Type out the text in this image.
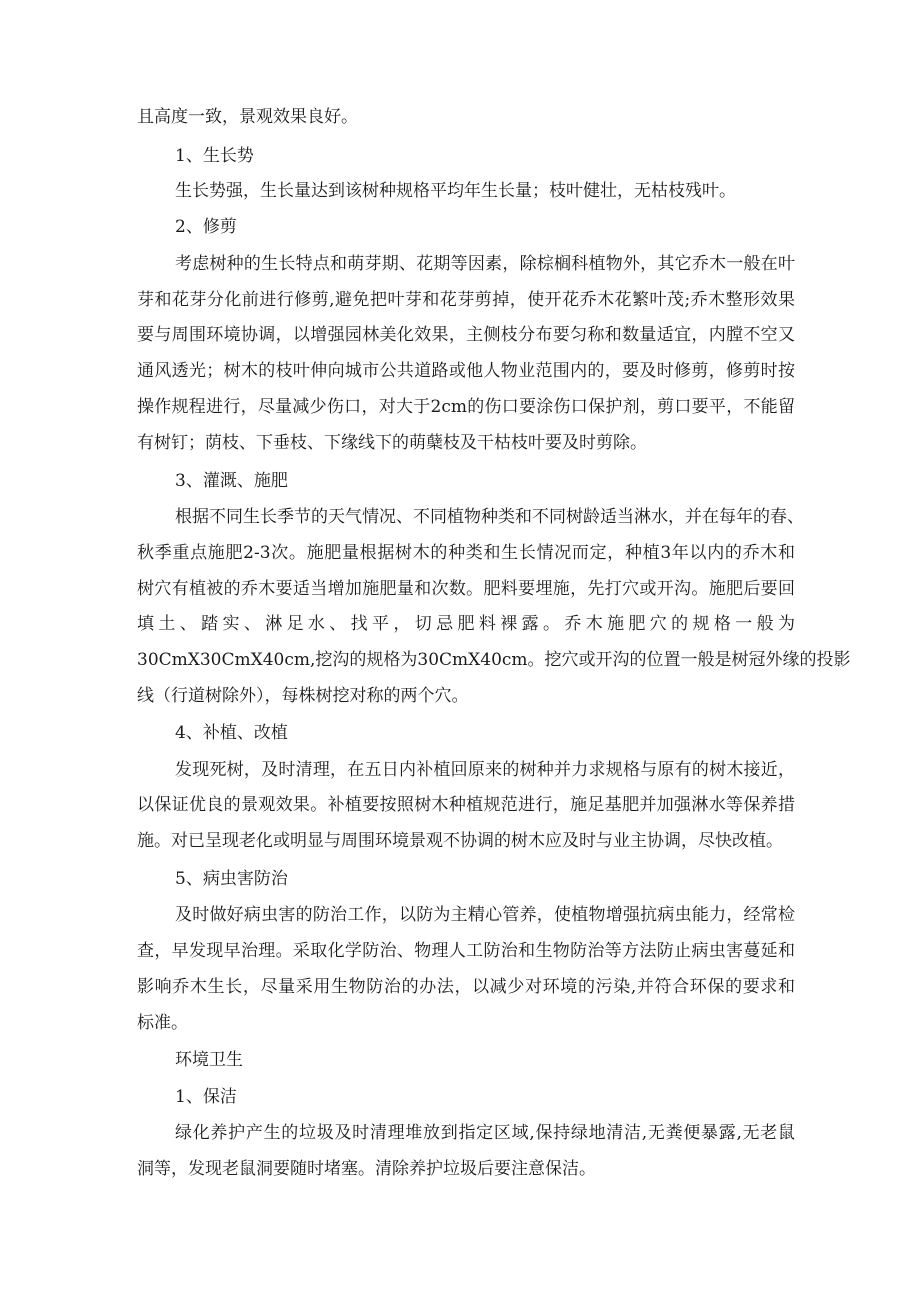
且高度一致，景观效果良好。
1、生长势
生长势强，生长量达到该树种规格平均年生长量；枝叶健壮，无枯枝残叶。
2、修剪
考虑树种的生长特点和萌芽期、花期等因素，除棕榈科植物外，其它乔木一般在叶
芽和花芽分化前进行修剪,避免把叶芽和花芽剪掉，使开花乔木花繁叶茂;乔木整形效果
要与周围环境协调，以增强园林美化效果，主侧枝分布要匀称和数量适宜，内膛不空又
通风透光；树木的枝叶伸向城市公共道路或他人物业范围内的，要及时修剪，修剪时按
操作规程进行，尽量减少伤口，对大于2cm的伤口要涂伤口保护剂，剪口要平，不能留
有树钉；荫枝、下垂枝、下缘线下的萌蘖枝及干枯枝叶要及时剪除。
3、灌溉、施肥
根据不同生长季节的天气情况、不同植物种类和不同树龄适当淋水，并在每年的春、
秋季重点施肥2-3次。施肥量根据树木的种类和生长情况而定，种植3年以内的乔木和
树穴有植被的乔木要适当增加施肥量和次数。肥料要埋施，先打穴或开沟。施肥后要回
填土、踏实、淋足水、找平，切忌肥料裸露。乔木施肥穴的规格一般为
30CmX30CmX40cm,挖沟的规格为30CmX40cm。挖穴或开沟的位置一般是树冠外缘的投影
线（行道树除外），每株树挖对称的两个穴。
4、补植、改植
发现死树，及时清理，在五日内补植回原来的树种并力求规格与原有的树木接近，
以保证优良的景观效果。补植要按照树木种植规范进行，施足基肥并加强淋水等保养措
施。对已呈现老化或明显与周围环境景观不协调的树木应及时与业主协调，尽快改植。
5、病虫害防治
及时做好病虫害的防治工作，以防为主精心管养，使植物增强抗病虫能力，经常检
查，早发现早治理。采取化学防治、物理人工防治和生物防治等方法防止病虫害蔓延和
影响乔木生长，尽量采用生物防治的办法，以减少对环境的污染,并符合环保的要求和
标准。
环境卫生
1、保洁
绿化养护产生的垃圾及时清理堆放到指定区域,保持绿地清洁,无粪便暴露,无老鼠
洞等，发现老鼠洞要随时堵塞。清除养护垃圾后要注意保洁。
